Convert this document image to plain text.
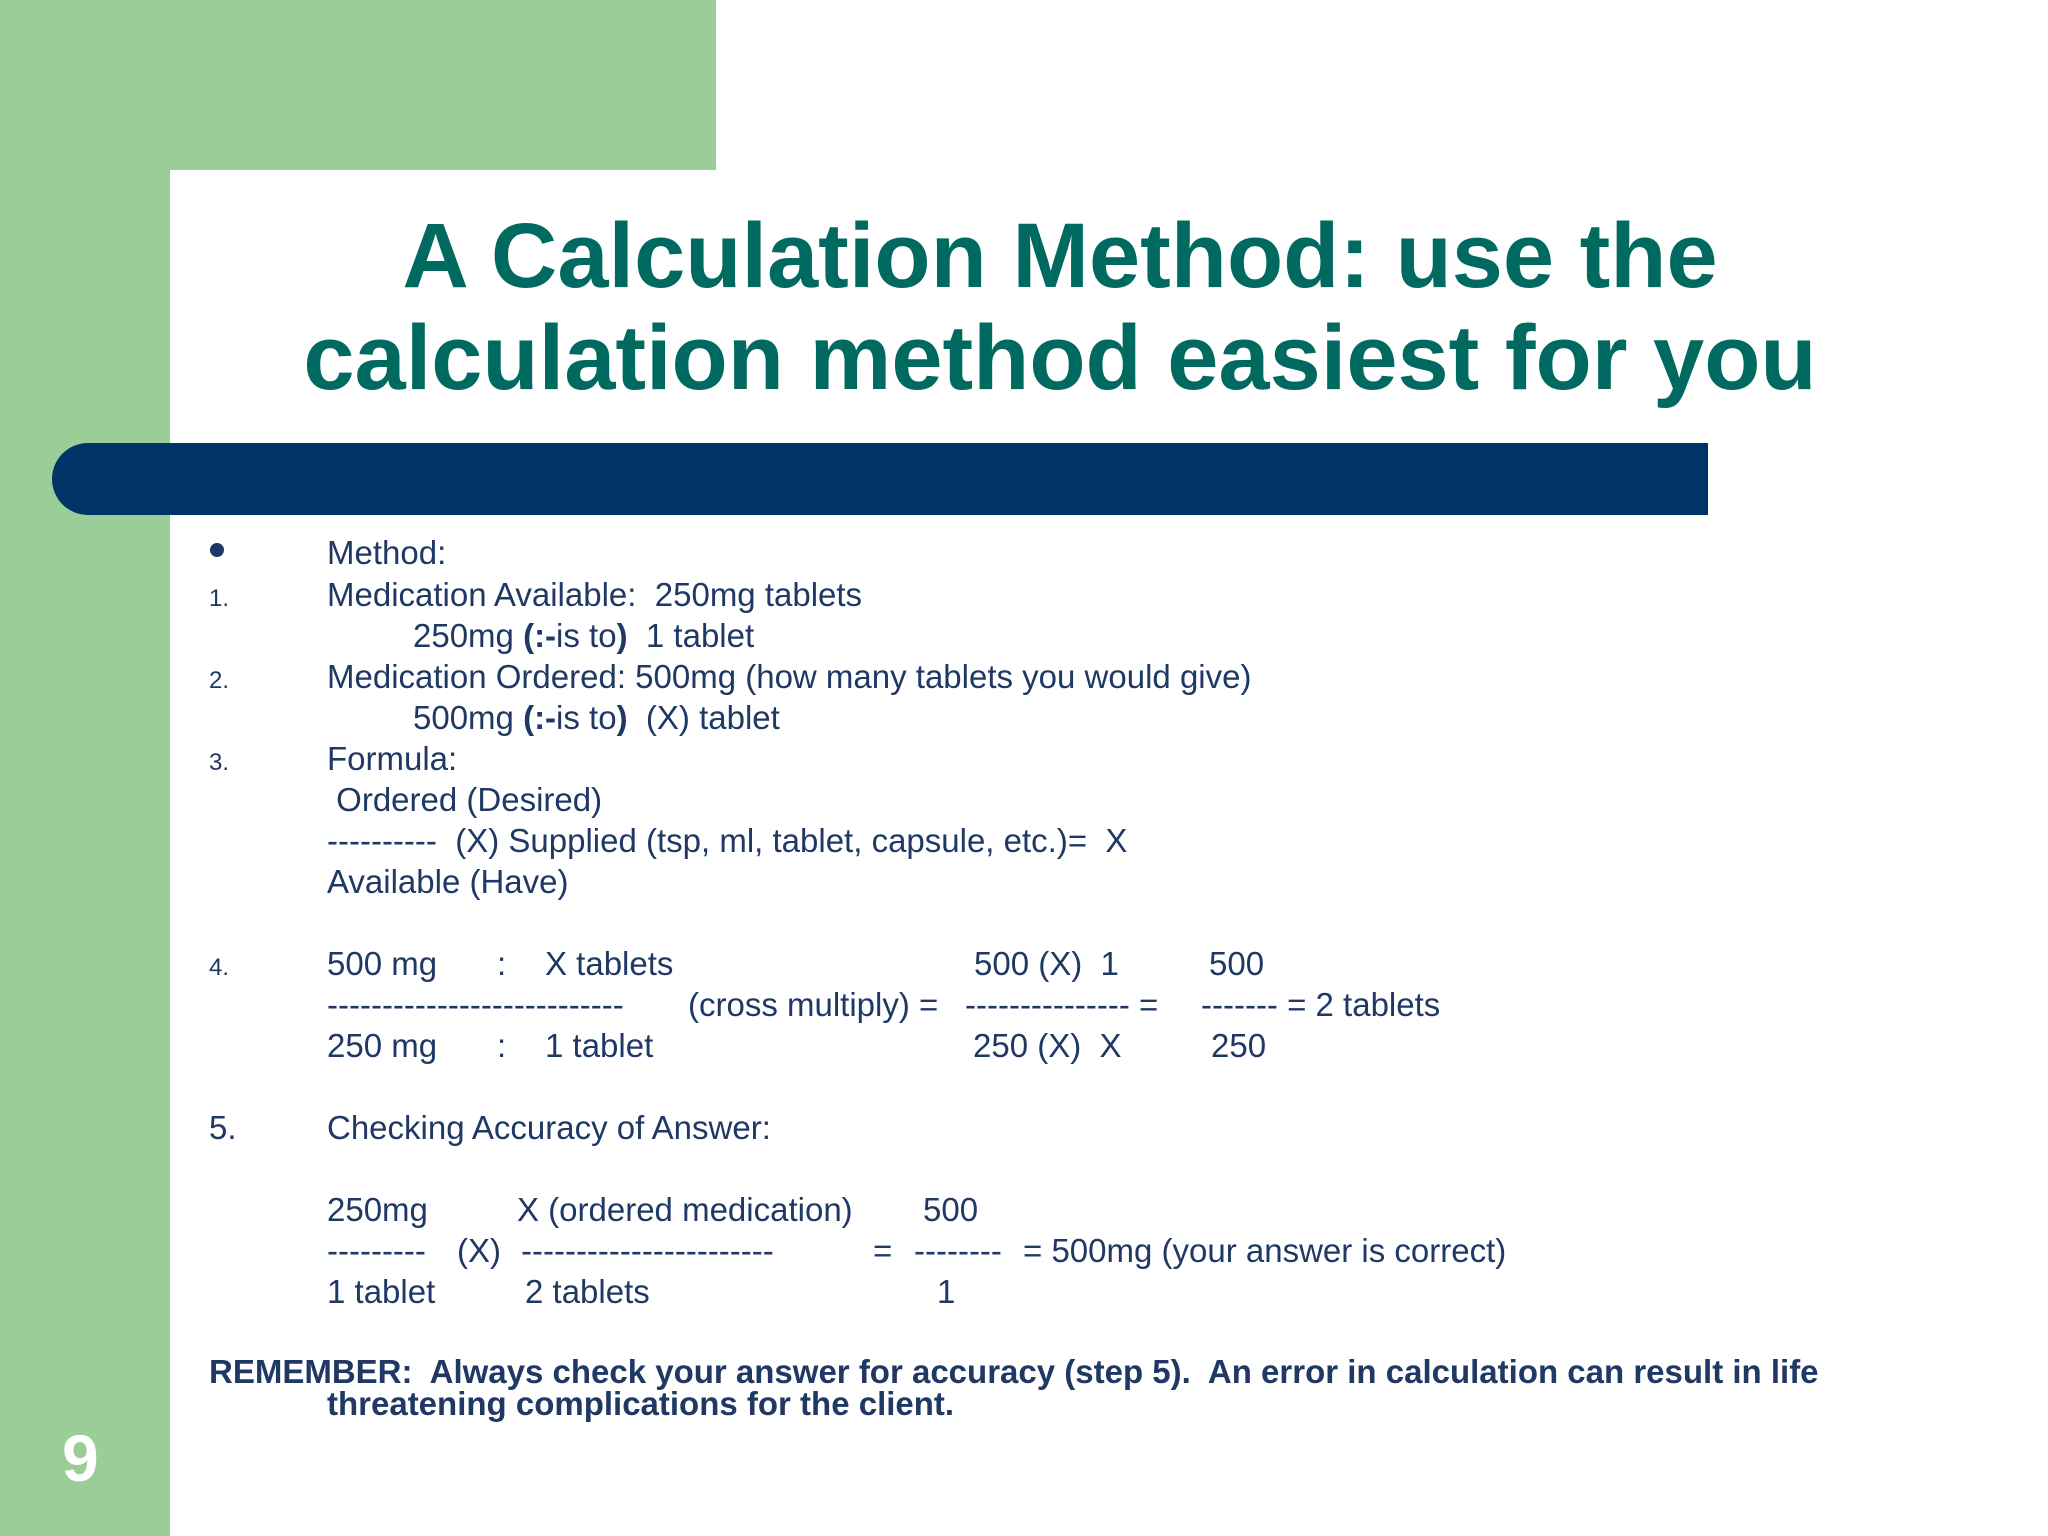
A Calculation Method: use the
calculation method easiest for you
9
Method:
1.	Medication Available:  250mg tablets
250mg (:-is to)  1 tablet
2.	Medication Ordered: 500mg (how many tablets you would give)
500mg (:-is to)  (X) tablet
3.	Formula:
Ordered (Desired)
----------  (X) Supplied (tsp, ml, tablet, capsule, etc.)=  X
Available (Have)
4.	500 mg : X tablets	500 (X)  1	500
--------------------------- (cross multiply) = --------------- = ------- = 2 tablets
250 mg : 1 tablet	250 (X)  X	250
5.	Checking Accuracy of Answer:
250mg	X (ordered medication) 500
--------- (X) -----------------------	= -------- = 500mg (your answer is correct)
1 tablet	2 tablets	1
REMEMBER:  Always check your answer for accuracy (step 5).  An error in calculation can result in life
threatening complications for the client.
